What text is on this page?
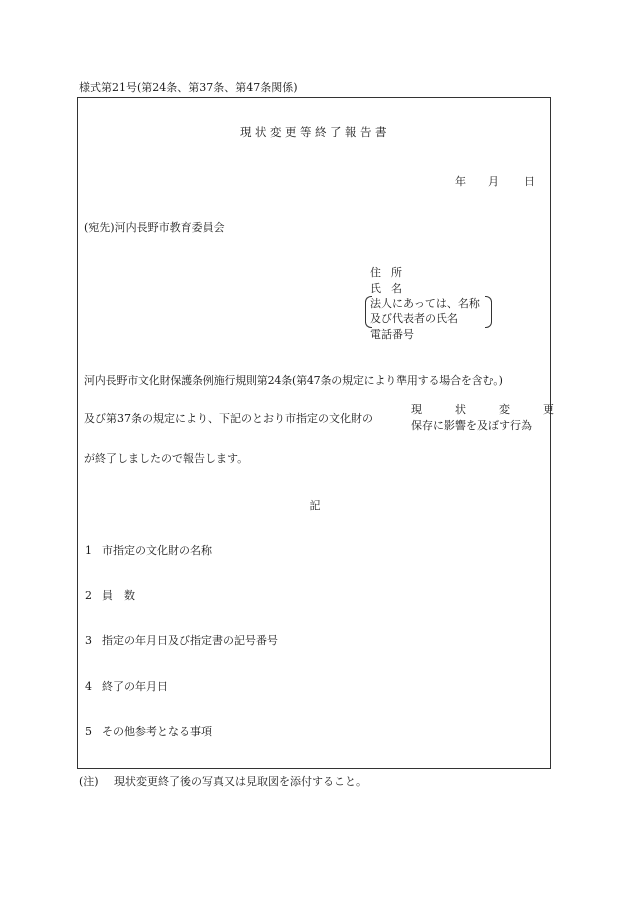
様式第21号(第24条、第37条、第47条関係)
現状変更等終了報告書
年 月 日
(宛先)河内長野市教育委員会
住所
氏名
法人にあっては、名称
及び代表者の氏名
電話番号
河内長野市文化財保護条例施行規則第24条(第47条の規定により準用する場合を含む。)
及び第37条の規定により、下記のとおり市指定の文化財の
現状変更
保存に影響を及ぼす行為
が終了しましたので報告します。
記
1 市指定の文化財の名称
2 員数
3 指定の年月日及び指定書の記号番号
4 終了の年月日
5 その他参考となる事項
(注) 現状変更終了後の写真又は見取図を添付すること。
